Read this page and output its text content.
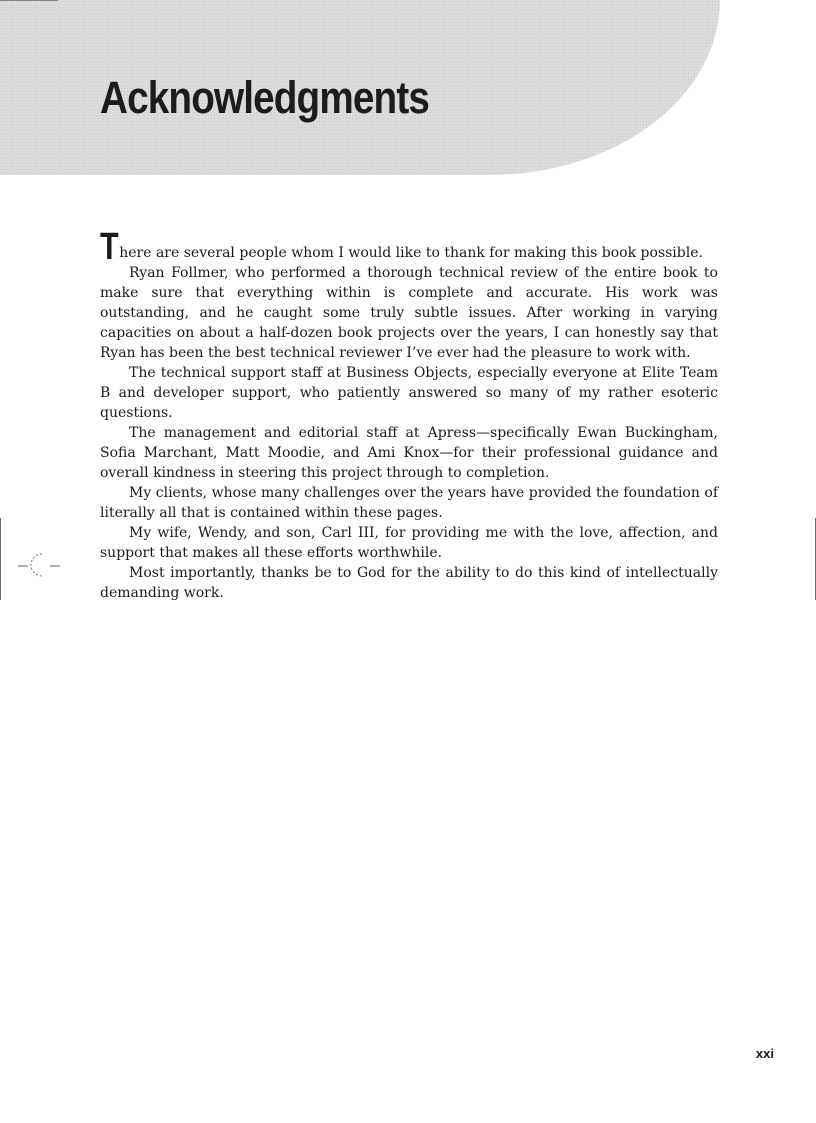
Acknowledgments

There are several people whom I would like to thank for making this book possible.

Ryan Follmer, who performed a thorough technical review of the entire book to make sure that everything within is complete and accurate. His work was outstanding, and he caught some truly subtle issues. After working in varying capacities on about a half-dozen book projects over the years, I can honestly say that Ryan has been the best technical reviewer I’ve ever had the pleasure to work with.

The technical support staff at Business Objects, especially everyone at Elite Team B and developer support, who patiently answered so many of my rather esoteric questions.

The management and editorial staff at Apress—specifically Ewan Buckingham, Sofia Marchant, Matt Moodie, and Ami Knox—for their professional guidance and overall kindness in steering this project through to completion.

My clients, whose many challenges over the years have provided the foundation of literally all that is contained within these pages.

My wife, Wendy, and son, Carl III, for providing me with the love, affection, and support that makes all these efforts worthwhile.

Most importantly, thanks be to God for the ability to do this kind of intellectually demanding work.

xxi
